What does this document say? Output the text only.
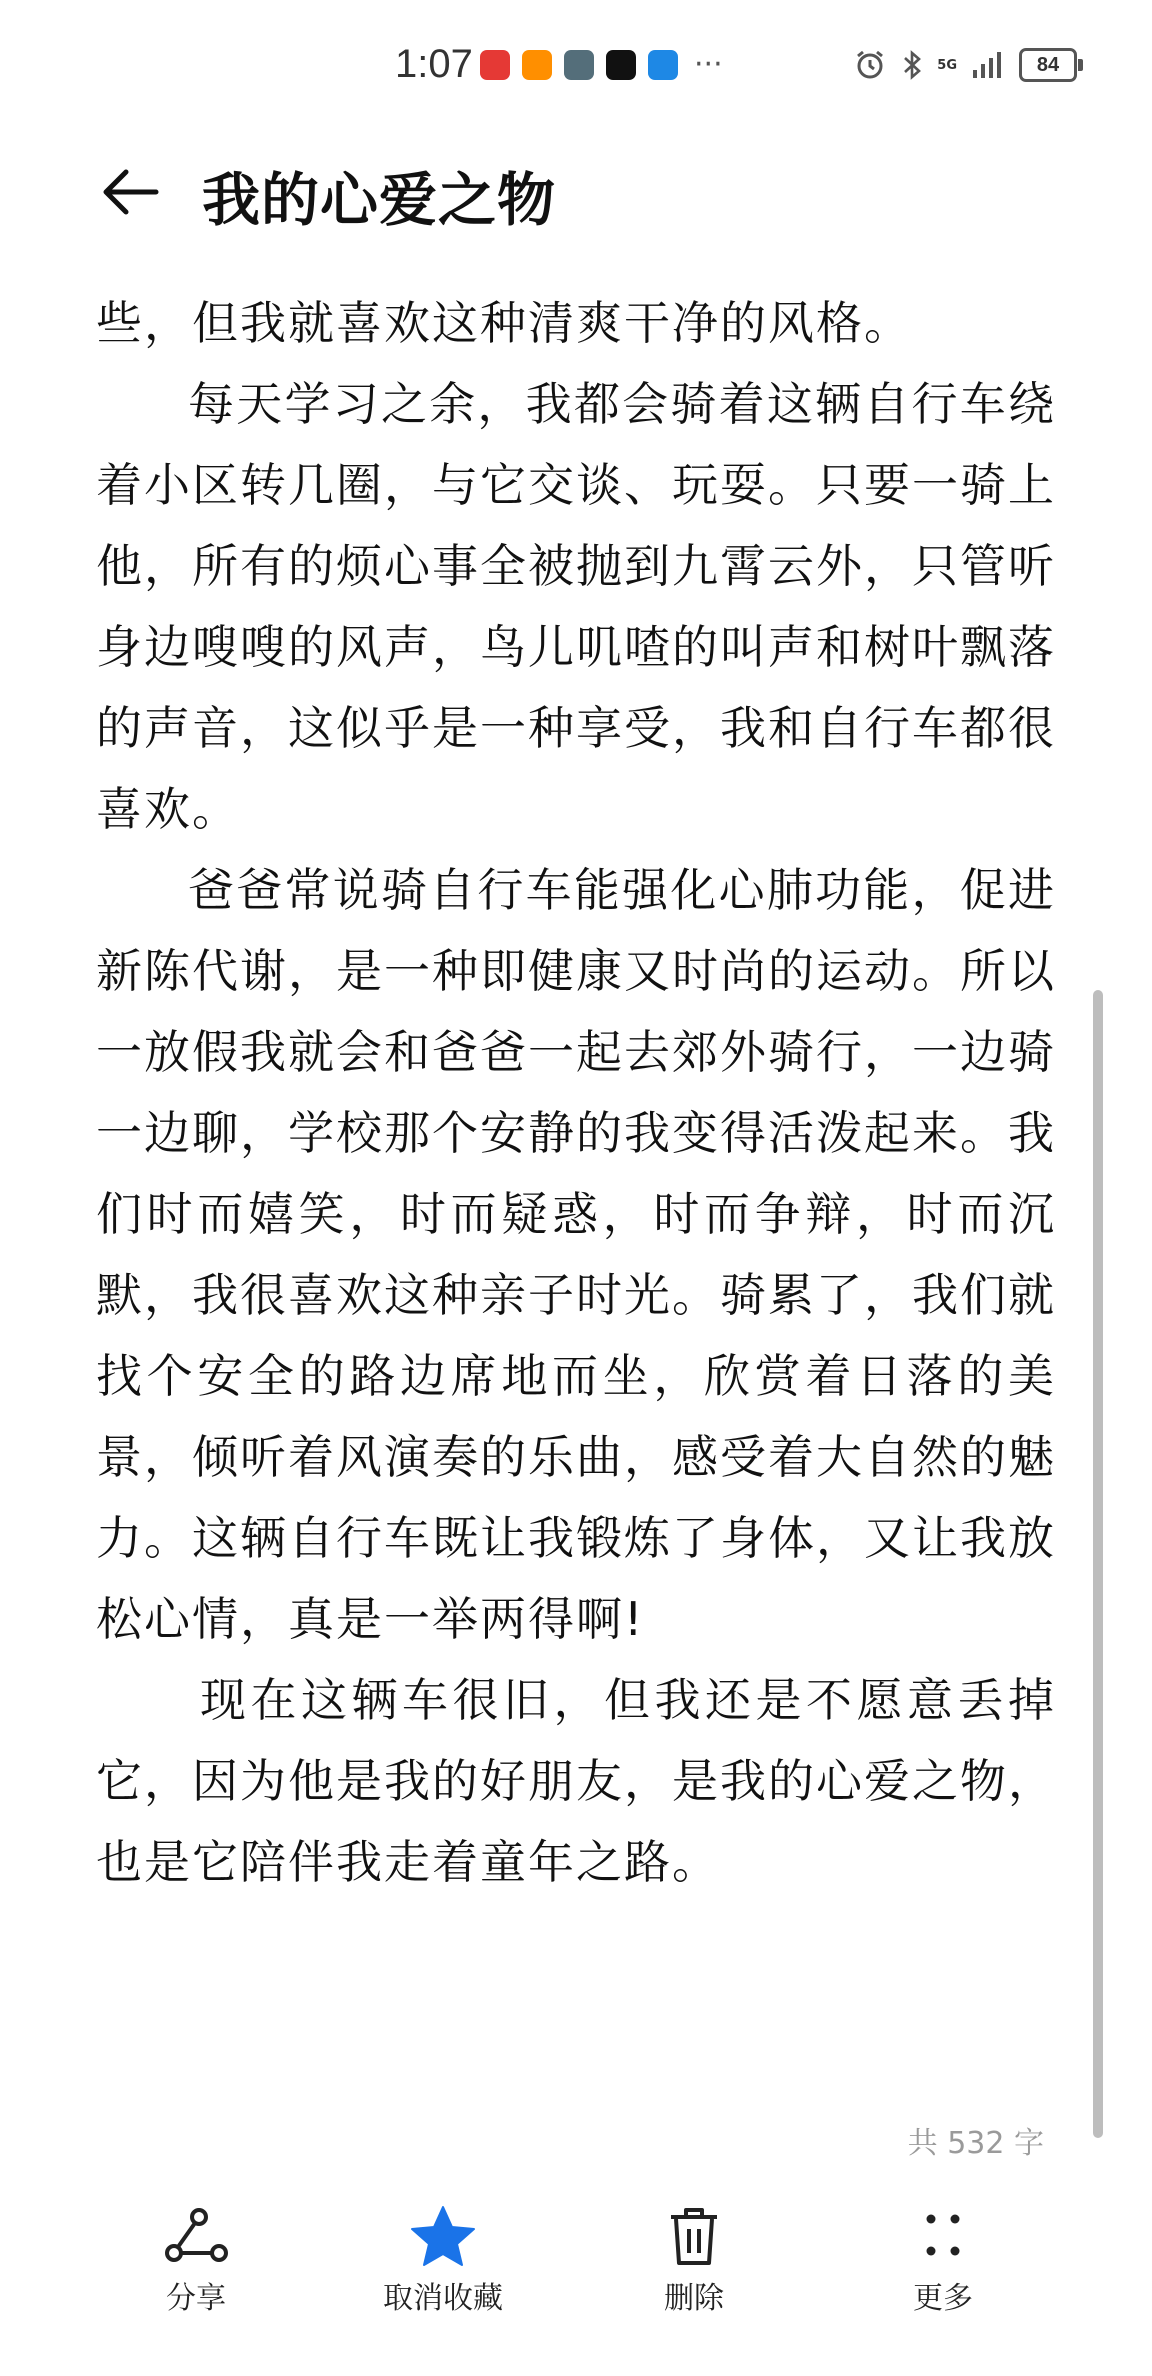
1:07	···	5G	84
我的心爱之物

些，但我就喜欢这种清爽干净的风格。

每天学习之余，我都会骑着这辆自行车绕着小区转几圈，与它交谈、玩耍。只要一骑上他，所有的烦心事全被抛到九霄云外，只管听身边嗖嗖的风声，鸟儿叽喳的叫声和树叶飘落的声音，这似乎是一种享受，我和自行车都很喜欢。

爸爸常说骑自行车能强化心肺功能，促进新陈代谢，是一种即健康又时尚的运动。所以一放假我就会和爸爸一起去郊外骑行，一边骑一边聊，学校那个安静的我变得活泼起来。我们时而嬉笑，时而疑惑，时而争辩，时而沉默，我很喜欢这种亲子时光。骑累了，我们就找个安全的路边席地而坐，欣赏着日落的美景，倾听着风演奏的乐曲，感受着大自然的魅力。这辆自行车既让我锻炼了身体，又让我放松心情，真是一举两得啊!

现在这辆车很旧，但我还是不愿意丢掉它，因为他是我的好朋友，是我的心爱之物，也是它陪伴我走着童年之路。

共 532 字
分享	取消收藏	删除	更多
